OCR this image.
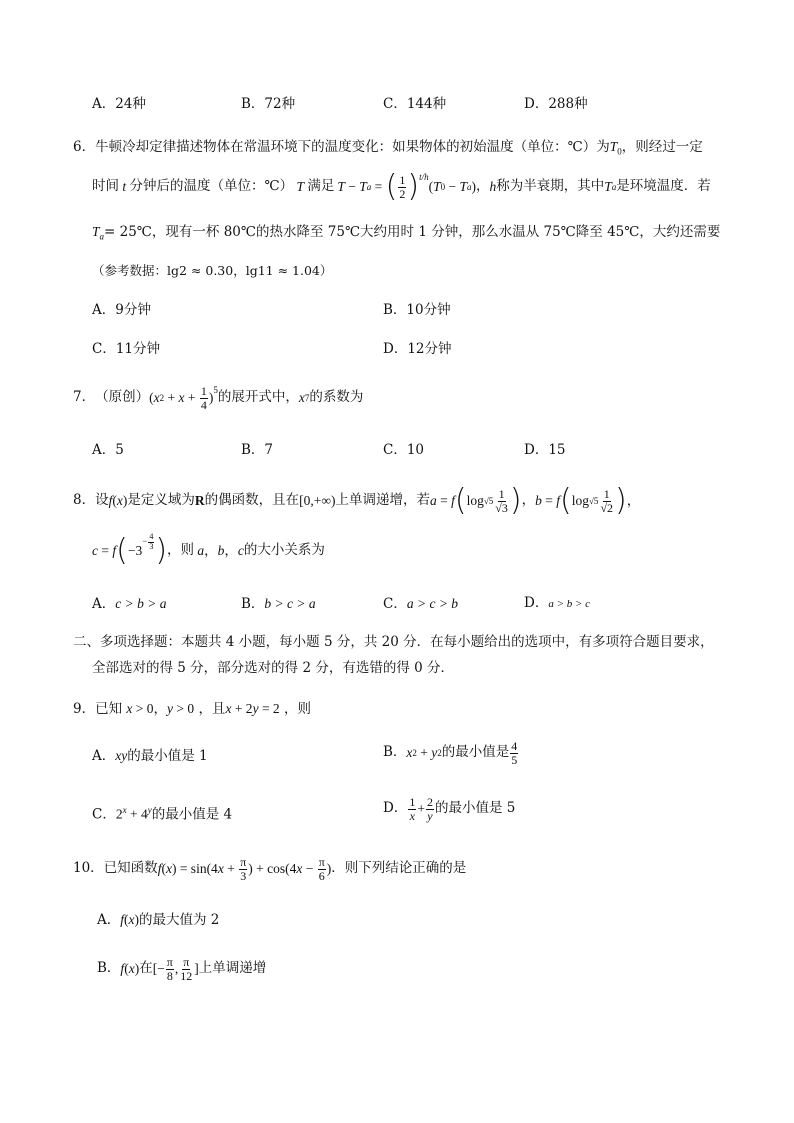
A．24种	B．72种	C．144种	D．288种
6．牛顿冷却定律描述物体在常温环境下的温度变化：如果物体的初始温度（单位：℃）为$T_0$，则经过一定
时间 t 分钟后的温度（单位：℃） T 满足 T − T a = ( $\frac{1}{2} )^{t/h}$
( T 0 − T a ) ， h 称为半衰期，其中 T a 是环境温度．若
$T_a=$ 25℃，现有一杯 80℃的热水降至 75℃大约用时 1 分钟，那么水温从 75℃降至 45℃，大约还需要
（参考数据：lg2 ≈ 0.30，lg11 ≈ 1.04）
A．9分钟	B．10分钟
C．11分钟	D．12分钟
7． （原创） ( x $2 + x + \frac{1}{4}$ )
$^5$ 的展开式中， x 7 的系数为
A．5	B．7	C．10	D．15
8． 设 f ( x ) 是定义域为 R 的偶函数，且在 [0,+∞) 上单调递增，若 a = f ( $\log √5 \frac{1}{√3}$ ) ， b = f ( $\log √5 \frac{1}{√2}$ ) ，
c = f ( −3
$^{- \frac{4}{3}}$ ) ，则 a ， b ， c 的大小关系为
A．c > b > a	B．b > c > a	C．a > c > b	D．a > b > c
二、多项选择题：本题共 4 小题，每小题 5 分，共 20 分．在每小题给出的选项中，有多项符合题目要求，
全部选对的得 5 分，部分选对的得 2 分，有选错的得 0 分．
9．已知 x > 0，y > 0 ，且x + 2y = 2 ，则
A．xy的最小值是 1	B． x 2 + y 2 的最小值是 $\frac{4}{5}$
C．$2^x + 4^y$的最小值是 4	D． $\frac{1}{x} + \frac{2}{y}$ 的最小值是 5
10． 已知函数 f ( x ) = sin(4 $x + \frac{\pi}{3}$ ) + cos(4 $x - \frac{\pi}{6}$ ) ．则下列结论正确的是
A．f(x)的最大值为 2
B． f ( x ) 在 [− $\frac{\pi}{8}$ , $\frac{\pi}{12}$ ] 上单调递增
